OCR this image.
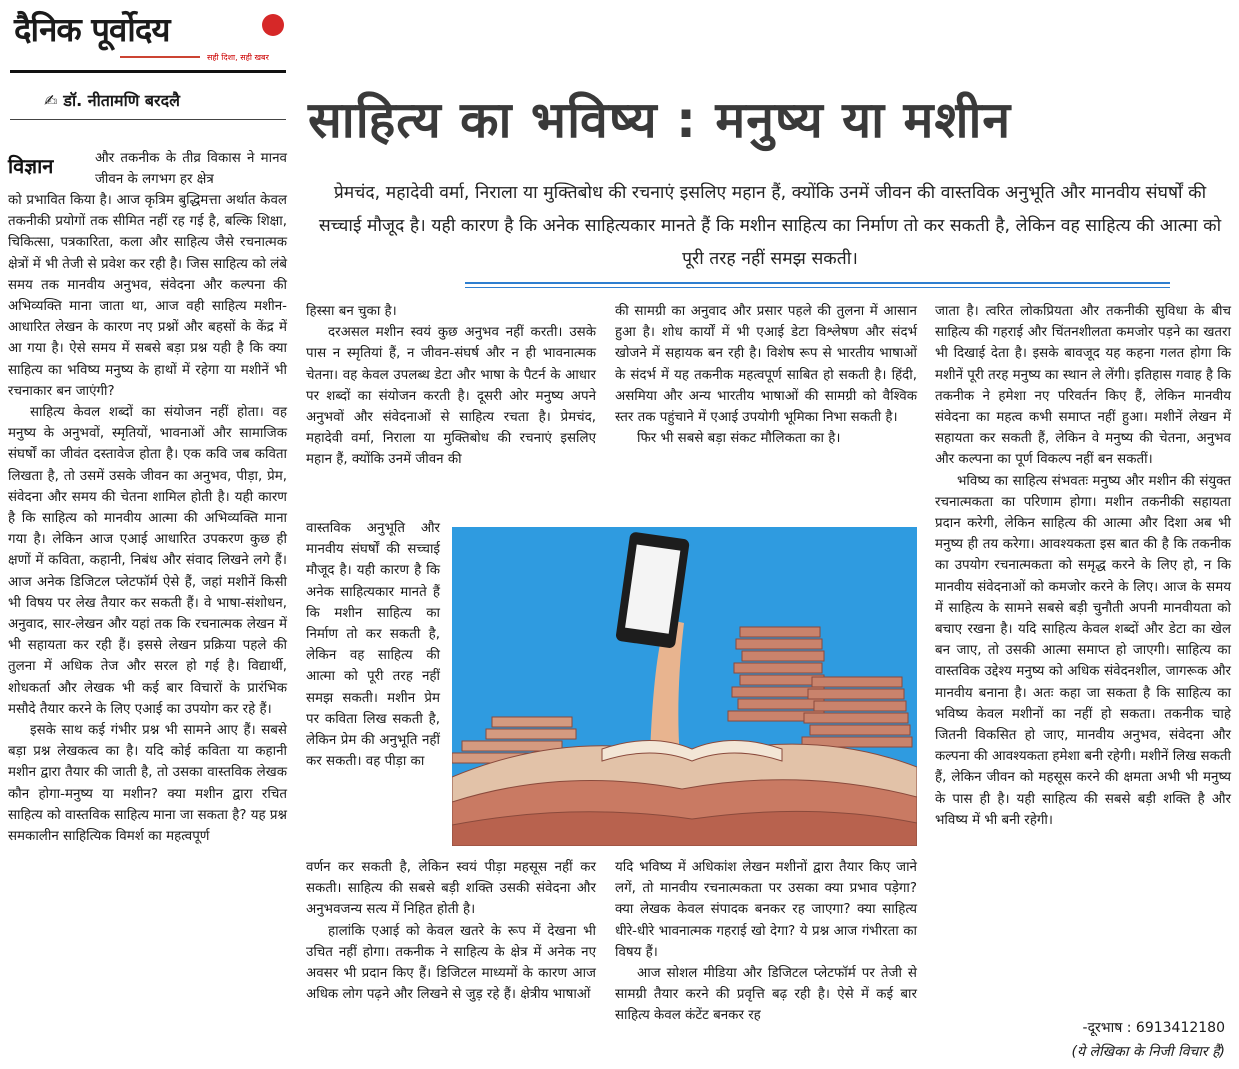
दैनिक पूर्वोदय
सही दिशा, सही खबर
✍ डॉ. नीतामणि बरदलै
विज्ञान
साहित्य का भविष्य : मनुष्य या मशीन
प्रेमचंद, महादेवी वर्मा, निराला या मुक्तिबोध की रचनाएं इसलिए महान हैं, क्योंकि उनमें जीवन की वास्तविक अनुभूति और मानवीय संघर्षों की सच्चाई मौजूद है। यही कारण है कि अनेक साहित्यकार मानते हैं कि मशीन साहित्य का निर्माण तो कर सकती है, लेकिन वह साहित्य की आत्मा को पूरी तरह नहीं समझ सकती।

और तकनीक के तीव्र विकास ने मानव जीवन के लगभग हर क्षेत्र

को प्रभावित किया है। आज कृत्रिम बुद्धिमत्ता अर्थात केवल तकनीकी प्रयोगों तक सीमित नहीं रह गई है, बल्कि शिक्षा, चिकित्सा, पत्रकारिता, कला और साहित्य जैसे रचनात्मक क्षेत्रों में भी तेजी से प्रवेश कर रही है। जिस साहित्य को लंबे समय तक मानवीय अनुभव, संवेदना और कल्पना की अभिव्यक्ति माना जाता था, आज वही साहित्य मशीन-आधारित लेखन के कारण नए प्रश्नों और बहसों के केंद्र में आ गया है। ऐसे समय में सबसे बड़ा प्रश्न यही है कि क्या साहित्य का भविष्य मनुष्य के हाथों में रहेगा या मशीनें भी रचनाकार बन जाएंगी?

साहित्य केवल शब्दों का संयोजन नहीं होता। वह मनुष्य के अनुभवों, स्मृतियों, भावनाओं और सामाजिक संघर्षों का जीवंत दस्तावेज होता है। एक कवि जब कविता लिखता है, तो उसमें उसके जीवन का अनुभव, पीड़ा, प्रेम, संवेदना और समय की चेतना शामिल होती है। यही कारण है कि साहित्य को मानवीय आत्मा की अभिव्यक्ति माना गया है। लेकिन आज एआई आधारित उपकरण कुछ ही क्षणों में कविता, कहानी, निबंध और संवाद लिखने लगे हैं। आज अनेक डिजिटल प्लेटफॉर्म ऐसे हैं, जहां मशीनें किसी भी विषय पर लेख तैयार कर सकती हैं। वे भाषा-संशोधन, अनुवाद, सार-लेखन और यहां तक कि रचनात्मक लेखन में भी सहायता कर रही हैं। इससे लेखन प्रक्रिया पहले की तुलना में अधिक तेज और सरल हो गई है। विद्यार्थी, शोधकर्ता और लेखक भी कई बार विचारों के प्रारंभिक मसौदे तैयार करने के लिए एआई का उपयोग कर रहे हैं।

इसके साथ कई गंभीर प्रश्न भी सामने आए हैं। सबसे बड़ा प्रश्न लेखकत्व का है। यदि कोई कविता या कहानी मशीन द्वारा तैयार की जाती है, तो उसका वास्तविक लेखक कौन होगा-मनुष्य या मशीन? क्या मशीन द्वारा रचित साहित्य को वास्तविक साहित्य माना जा सकता है? यह प्रश्न समकालीन साहित्यिक विमर्श का महत्वपूर्ण

हिस्सा बन चुका है।

दरअसल मशीन स्वयं कुछ अनुभव नहीं करती। उसके पास न स्मृतियां हैं, न जीवन-संघर्ष और न ही भावनात्मक चेतना। वह केवल उपलब्ध डेटा और भाषा के पैटर्न के आधार पर शब्दों का संयोजन करती है। दूसरी ओर मनुष्य अपने अनुभवों और संवेदनाओं से साहित्य रचता है। प्रेमचंद, महादेवी वर्मा, निराला या मुक्तिबोध की रचनाएं इसलिए महान हैं, क्योंकि उनमें जीवन की

वास्तविक अनुभूति और मानवीय संघर्षों की सच्चाई मौजूद है। यही कारण है कि अनेक साहित्यकार मानते हैं कि मशीन साहित्य का निर्माण तो कर सकती है, लेकिन वह साहित्य की आत्मा को पूरी तरह नहीं समझ सकती। मशीन प्रेम पर कविता लिख सकती है, लेकिन प्रेम की अनुभूति नहीं कर सकती। वह पीड़ा का

वर्णन कर सकती है, लेकिन स्वयं पीड़ा महसूस नहीं कर सकती। साहित्य की सबसे बड़ी शक्ति उसकी संवेदना और अनुभवजन्य सत्य में निहित होती है।

हालांकि एआई को केवल खतरे के रूप में देखना भी उचित नहीं होगा। तकनीक ने साहित्य के क्षेत्र में अनेक नए अवसर भी प्रदान किए हैं। डिजिटल माध्यमों के कारण आज अधिक लोग पढ़ने और लिखने से जुड़ रहे हैं। क्षेत्रीय भाषाओं

की सामग्री का अनुवाद और प्रसार पहले की तुलना में आसान हुआ है। शोध कार्यों में भी एआई डेटा विश्लेषण और संदर्भ खोजने में सहायक बन रही है। विशेष रूप से भारतीय भाषाओं के संदर्भ में यह तकनीक महत्वपूर्ण साबित हो सकती है। हिंदी, असमिया और अन्य भारतीय भाषाओं की सामग्री को वैश्विक स्तर तक पहुंचाने में एआई उपयोगी भूमिका निभा सकती है।

फिर भी सबसे बड़ा संकट मौलिकता का है।

यदि भविष्य में अधिकांश लेखन मशीनों द्वारा तैयार किए जाने लगें, तो मानवीय रचनात्मकता पर उसका क्या प्रभाव पड़ेगा? क्या लेखक केवल संपादक बनकर रह जाएगा? क्या साहित्य धीरे-धीरे भावनात्मक गहराई खो देगा? ये प्रश्न आज गंभीरता का विषय हैं।

आज सोशल मीडिया और डिजिटल प्लेटफॉर्म पर तेजी से सामग्री तैयार करने की प्रवृत्ति बढ़ रही है। ऐसे में कई बार साहित्य केवल कंटेंट बनकर रह

जाता है। त्वरित लोकप्रियता और तकनीकी सुविधा के बीच साहित्य की गहराई और चिंतनशीलता कमजोर पड़ने का खतरा भी दिखाई देता है। इसके बावजूद यह कहना गलत होगा कि मशीनें पूरी तरह मनुष्य का स्थान ले लेंगी। इतिहास गवाह है कि तकनीक ने हमेशा नए परिवर्तन किए हैं, लेकिन मानवीय संवेदना का महत्व कभी समाप्त नहीं हुआ। मशीनें लेखन में सहायता कर सकती हैं, लेकिन वे मनुष्य की चेतना, अनुभव और कल्पना का पूर्ण विकल्प नहीं बन सकतीं।

भविष्य का साहित्य संभवतः मनुष्य और मशीन की संयुक्त रचनात्मकता का परिणाम होगा। मशीन तकनीकी सहायता प्रदान करेगी, लेकिन साहित्य की आत्मा और दिशा अब भी मनुष्य ही तय करेगा। आवश्यकता इस बात की है कि तकनीक का उपयोग रचनात्मकता को समृद्ध करने के लिए हो, न कि मानवीय संवेदनाओं को कमजोर करने के लिए। आज के समय में साहित्य के सामने सबसे बड़ी चुनौती अपनी मानवीयता को बचाए रखना है। यदि साहित्य केवल शब्दों और डेटा का खेल बन जाए, तो उसकी आत्मा समाप्त हो जाएगी। साहित्य का वास्तविक उद्देश्य मनुष्य को अधिक संवेदनशील, जागरूक और मानवीय बनाना है। अतः कहा जा सकता है कि साहित्य का भविष्य केवल मशीनों का नहीं हो सकता। तकनीक चाहे जितनी विकसित हो जाए, मानवीय अनुभव, संवेदना और कल्पना की आवश्यकता हमेशा बनी रहेगी। मशीनें लिख सकती हैं, लेकिन जीवन को महसूस करने की क्षमता अभी भी मनुष्य के पास ही है। यही साहित्य की सबसे बड़ी शक्ति है और भविष्य में भी बनी रहेगी।

-दूरभाष : 6913412180
(ये लेखिका के निजी विचार हैं)
